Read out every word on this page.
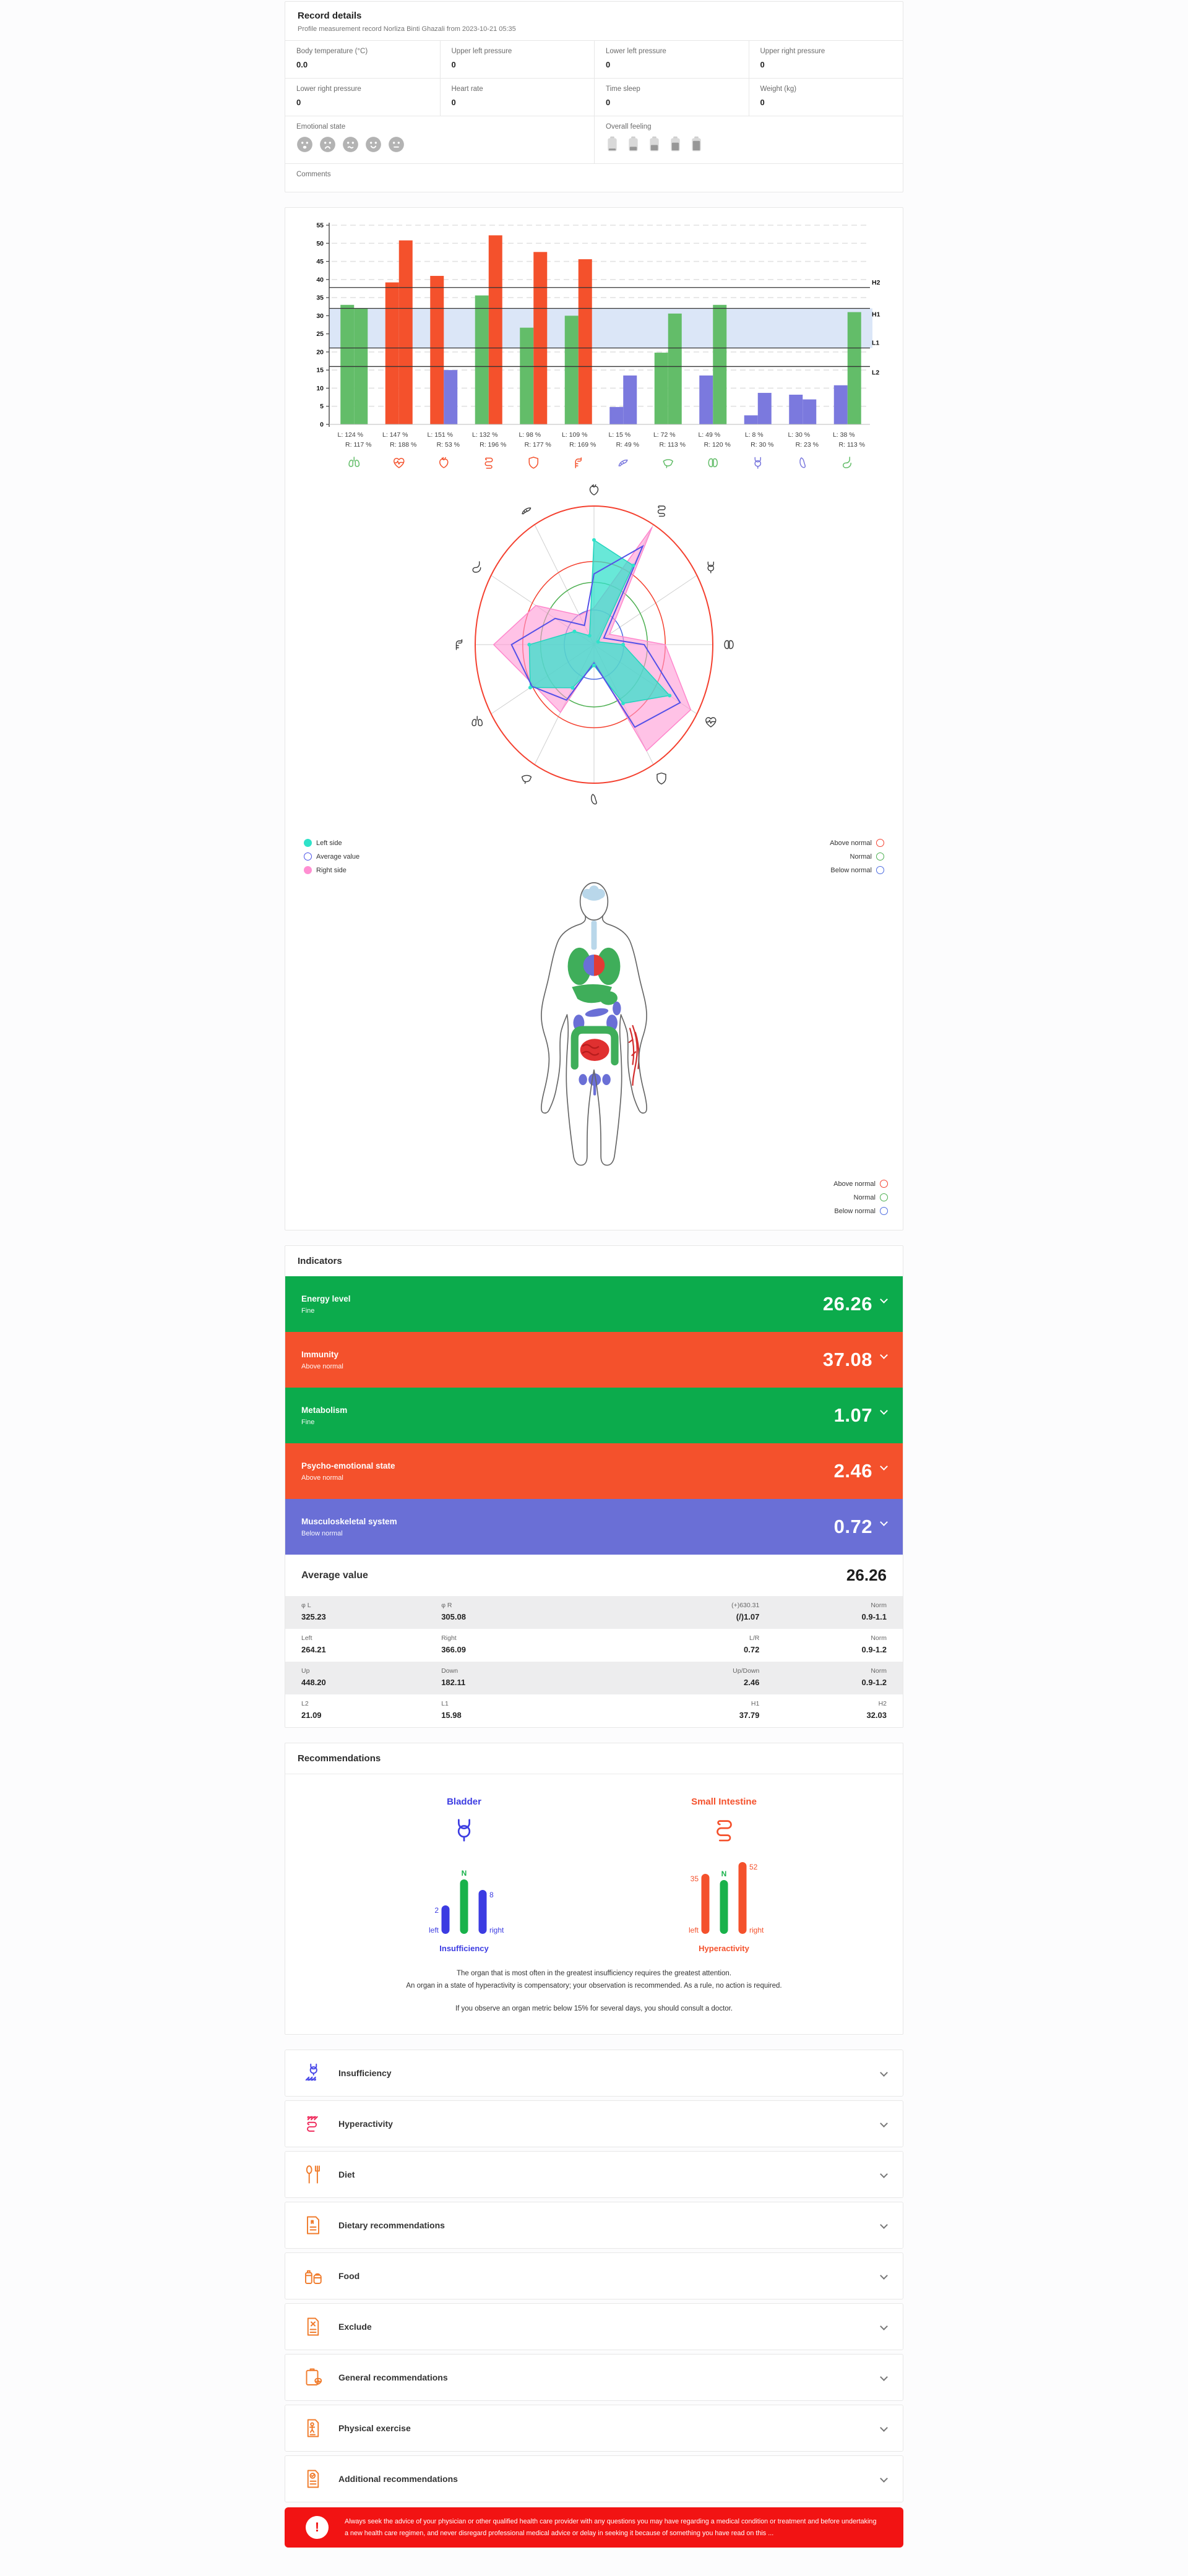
Record details
Profile measurement record Norliza Binti Ghazali from 2023-10-21 05:35
Body temperature (°C)
0.0
Upper left pressure
0
Lower left pressure
0
Upper right pressure
0
Lower right pressure
0
Heart rate
0
Time sleep
0
Weight (kg)
0
Emotional state	Overall feeling
Comments
0
5
10
15
20
25
30
35
40
45
50
55
H2
H1
L1
L2
L: 124 %
R: 117 %
L: 147 %
R: 188 %
L: 151 %
R: 53 %
L: 132 %
R: 196 %
L: 98 %
R: 177 %
L: 109 %
R: 169 %
L: 15 %
R: 49 %
L: 72 %
R: 113 %
L: 49 %
R: 120 %
L: 8 %
R: 30 %
L: 30 %
R: 23 %
L: 38 %
R: 113 %
Left side
Average value
Right side
Above normal
Normal
Below normal
Above normal
Normal
Below normal
Indicators
Energy level
Fine	26.26
Immunity
Above normal	37.08
Metabolism
Fine	1.07
Psycho-emotional state
Above normal	2.46
Musculoskeletal system
Below normal	0.72
Average value	26.26
φ L
325.23
φ R
305.08
(+)630.31
(/)1.07
Norm
0.9-1.1
Left
264.21
Right
366.09
L/R
0.72
Norm
0.9-1.2
Up
448.20
Down
182.11
Up/Down
2.46
Norm
0.9-1.2
L2
21.09
L1
15.98
H1
37.79
H2
32.03
Recommendations
Bladder
2
N
8
left	right
Insufficiency
Small Intestine
35
N
52
left	right
Hyperactivity
The organ that is most often in the greatest insufficiency requires the greatest attention.
An organ in a state of hyperactivity is compensatory; your observation is recommended. As a rule, no action is required.
If you observe an organ metric below 15% for several days, you should consult a doctor.
Insufficiency
Hyperactivity
Diet
Dietary recommendations
Food
Exclude
General recommendations
Physical exercise
Additional recommendations
!	Always seek the advice of your physician or other qualified health care provider with any questions you may have regarding a medical condition or treatment and before undertaking a new health care regimen, and never disregard professional medical advice or delay in seeking it because of something you have read on this ...
